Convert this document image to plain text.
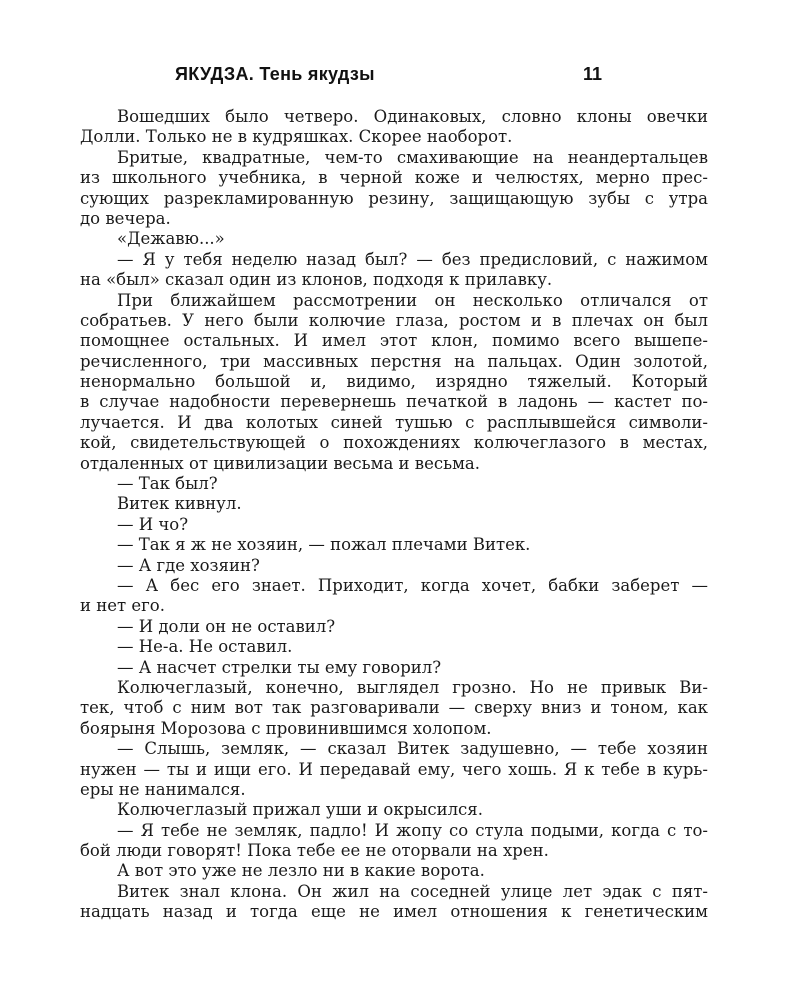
ЯКУДЗА. Тень якудзы	11
Вошедших было четверо. Одинаковых, словно клоны овечки
Долли. Только не в кудряшках. Скорее наоборот.
Бритые, квадратные, чем-то смахивающие на неандертальцев
из школьного учебника, в черной коже и челюстях, мерно прес-
сующих разрекламированную резину, защищающую зубы с утра
до вечера.
«Дежавю...»
— Я у тебя неделю назад был? — без предисловий, с нажимом
на «был» сказал один из клонов, подходя к прилавку.
При ближайшем рассмотрении он несколько отличался от
собратьев. У него были колючие глаза, ростом и в плечах он был
помощнее остальных. И имел этот клон, помимо всего вышепе-
речисленного, три массивных перстня на пальцах. Один золотой,
ненормально большой и, видимо, изрядно тяжелый. Который
в случае надобности перевернешь печаткой в ладонь — кастет по-
лучается. И два колотых синей тушью с расплывшейся символи-
кой, свидетельствующей о похождениях колючеглазого в местах,
отдаленных от цивилизации весьма и весьма.
— Так был?
Витек кивнул.
— И чо?
— Так я ж не хозяин, — пожал плечами Витек.
— А где хозяин?
— А бес его знает. Приходит, когда хочет, бабки заберет —
и нет его.
— И доли он не оставил?
— Не-а. Не оставил.
— А насчет стрелки ты ему говорил?
Колючеглазый, конечно, выглядел грозно. Но не привык Ви-
тек, чтоб с ним вот так разговаривали — сверху вниз и тоном, как
боярыня Морозова с провинившимся холопом.
— Слышь, земляк, — сказал Витек задушевно, — тебе хозяин
нужен — ты и ищи его. И передавай ему, чего хошь. Я к тебе в курь-
еры не нанимался.
Колючеглазый прижал уши и окрысился.
— Я тебе не земляк, падло! И жопу со стула подыми, когда с то-
бой люди говорят! Пока тебе ее не оторвали на хрен.
А вот это уже не лезло ни в какие ворота.
Витек знал клона. Он жил на соседней улице лет эдак с пят-
надцать назад и тогда еще не имел отношения к генетическим
